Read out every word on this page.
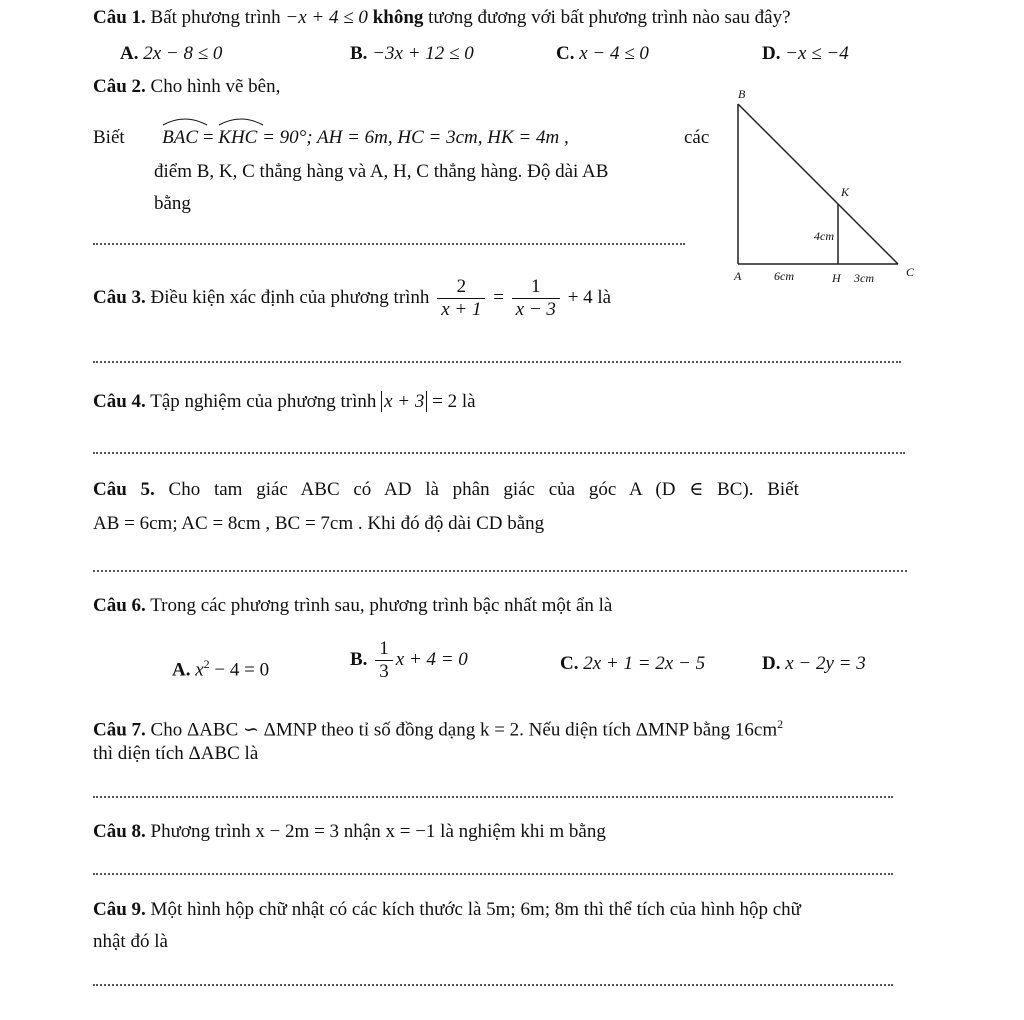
Câu 1. Bất phương trình −x + 4 ≤ 0 không tương đương với bất phương trình nào sau đây?
A. 2x − 8 ≤ 0	B. −3x + 12 ≤ 0	C. x − 4 ≤ 0	D. −x ≤ −4
Câu 2. Cho hình vẽ bên,
Biết BAC =
KHC = 90°; AH = 6m, HC = 3cm, HK = 4m ,	các
điểm B, K, C thẳng hàng và A, H, C thẳng hàng. Độ dài AB
bằng
B
K
A	H	C
4cm
6cm	3cm
Câu 3. Điều kiện xác định của phương trình $\frac{2}{x + 1} = \frac{1}{x - 3} + 4$ là
Câu 4. Tập nghiệm của phương trình x + 3 = 2 là
Câu 5. Cho tam giác ABC có AD là phân giác của góc A (D ∈ BC). Biết
AB = 6cm; AC = 8cm , BC = 7cm . Khi đó độ dài CD bằng
Câu 6. Trong các phương trình sau, phương trình bậc nhất một ẩn là
A. $x^2 - 4 = 0$	B. $\frac{1}{3}$ x + 4 = 0	C. 2x + 1 = 2x − 5	D. x − 2y = 3
Câu 7. Cho ΔABC ∽ ΔMNP theo tỉ số đồng dạng k = 2. Nếu diện tích ΔMNP bằng $16cm^2$
thì diện tích ΔABC là
Câu 8. Phương trình x − 2m = 3 nhận x = −1 là nghiệm khi m bằng
Câu 9. Một hình hộp chữ nhật có các kích thước là 5m; 6m; 8m thì thể tích của hình hộp chữ
nhật đó là
